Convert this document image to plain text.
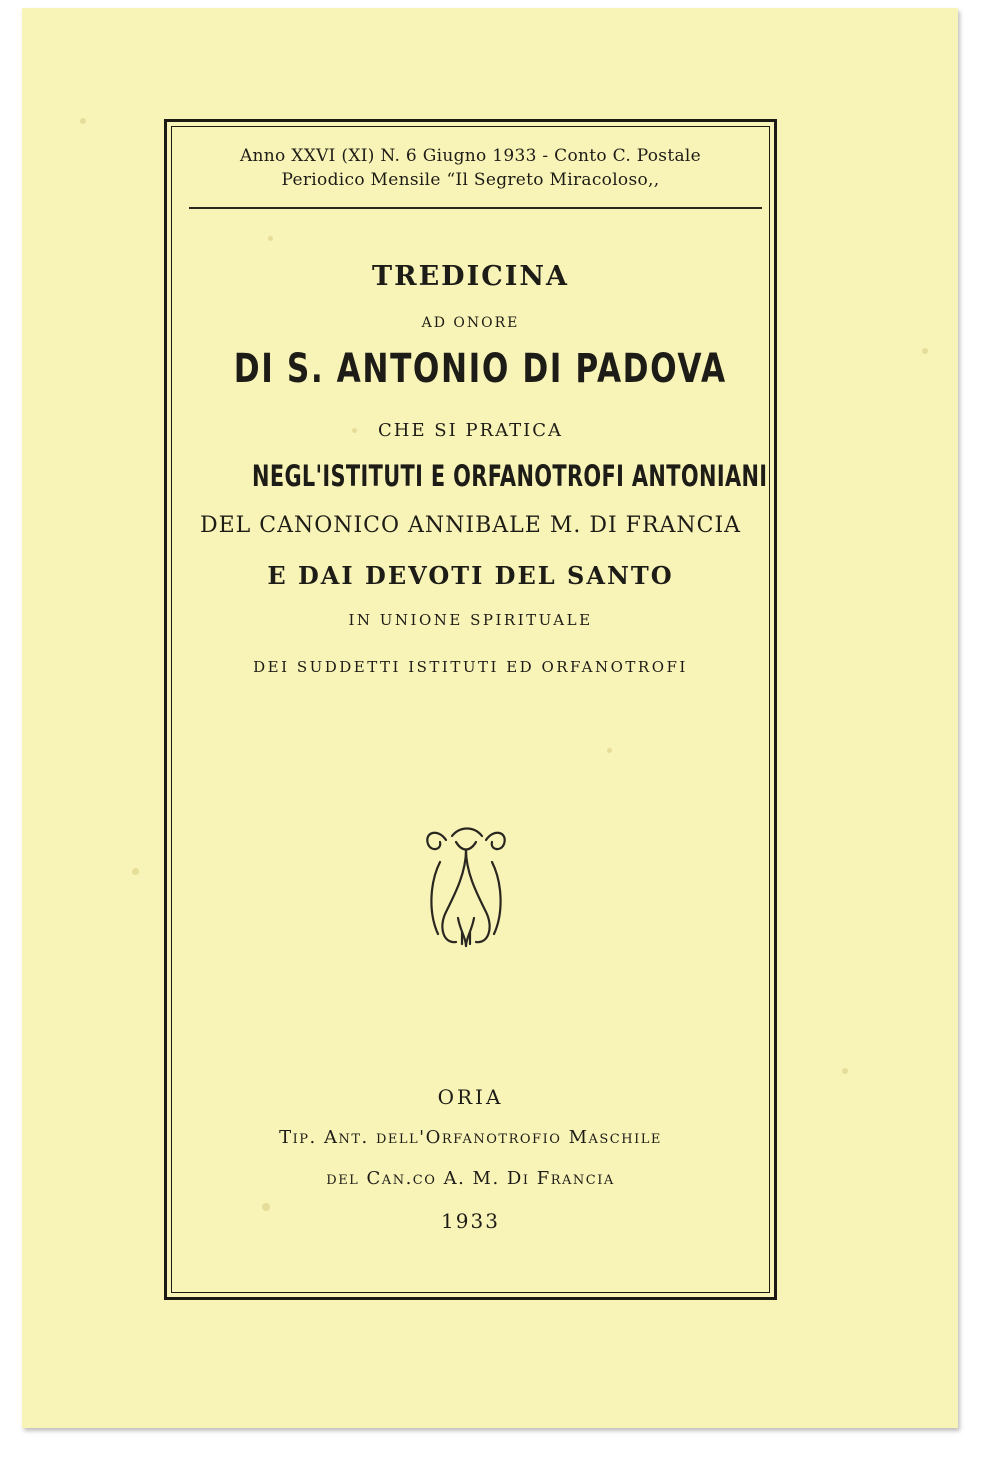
Anno XXVI (XI) N. 6 Giugno 1933 - Conto C. Postale
Periodico Mensile “Il Segreto Miracoloso,,
TREDICINA
AD ONORE
DI S. ANTONIO DI PADOVA
CHE SI PRATICA
NEGL'ISTITUTI E ORFANOTROFI ANTONIANI
DEL CANONICO ANNIBALE M. DI FRANCIA
E DAI DEVOTI DEL SANTO
IN UNIONE SPIRITUALE
DEI SUDDETTI ISTITUTI ED ORFANOTROFI
ORIA
Tip. Ant. dell'Orfanotrofio Maschile
del Can.co A. M. Di Francia
1933
